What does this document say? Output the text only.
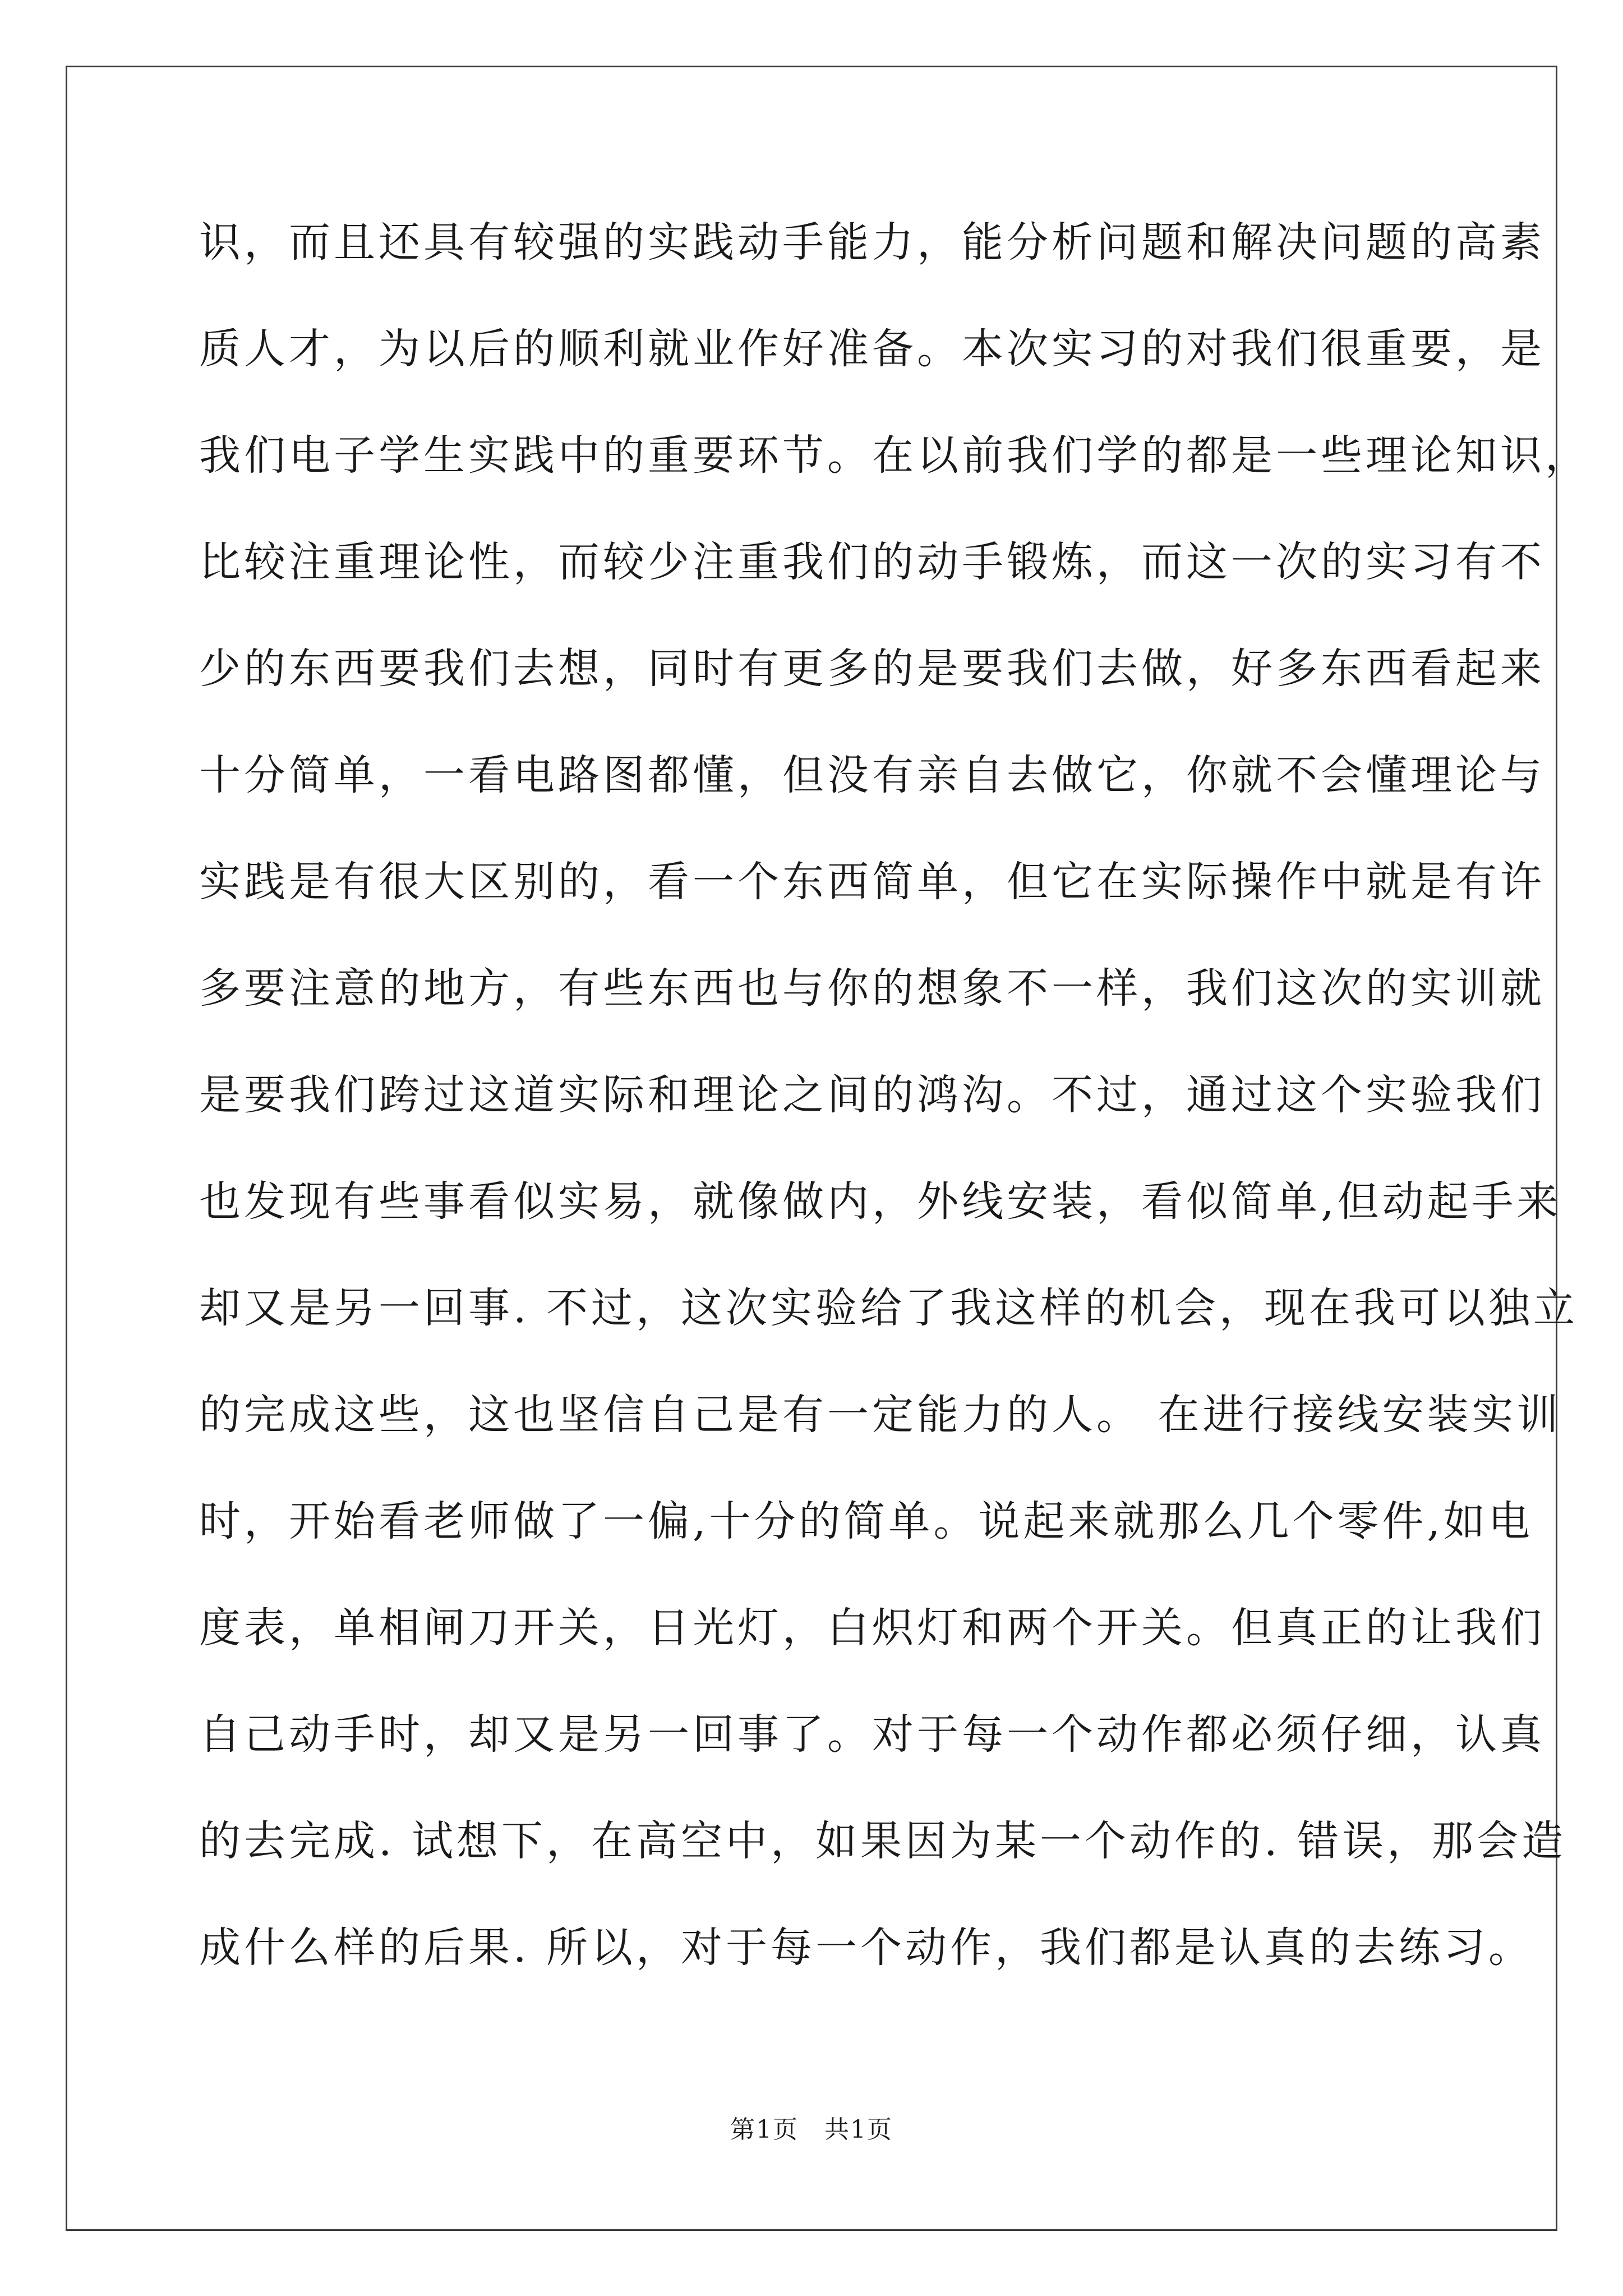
识，而且还具有较强的实践动手能力，能分析问题和解决问题的高素
质人才，为以后的顺利就业作好准备。本次实习的对我们很重要，是
我们电子学生实践中的重要环节。在以前我们学的都是一些理论知识，
比较注重理论性，而较少注重我们的动手锻炼，而这一次的实习有不
少的东西要我们去想，同时有更多的是要我们去做，好多东西看起来
十分简单，一看电路图都懂，但没有亲自去做它，你就不会懂理论与
实践是有很大区别的，看一个东西简单，但它在实际操作中就是有许
多要注意的地方，有些东西也与你的想象不一样，我们这次的实训就
是要我们跨过这道实际和理论之间的鸿沟。不过，通过这个实验我们
也发现有些事看似实易，就像做内，外线安装，看似简单,但动起手来
却又是另一回事. 不过，这次实验给了我这样的机会，现在我可以独立
的完成这些，这也坚信自己是有一定能力的人。 在进行接线安装实训
时，开始看老师做了一偏,十分的简单。说起来就那么几个零件,如电
度表，单相闸刀开关，日光灯，白炽灯和两个开关。但真正的让我们
自己动手时，却又是另一回事了。对于每一个动作都必须仔细，认真
的去完成. 试想下，在高空中，如果因为某一个动作的. 错误，那会造
成什么样的后果. 所以，对于每一个动作，我们都是认真的去练习。
第1页　共1页
